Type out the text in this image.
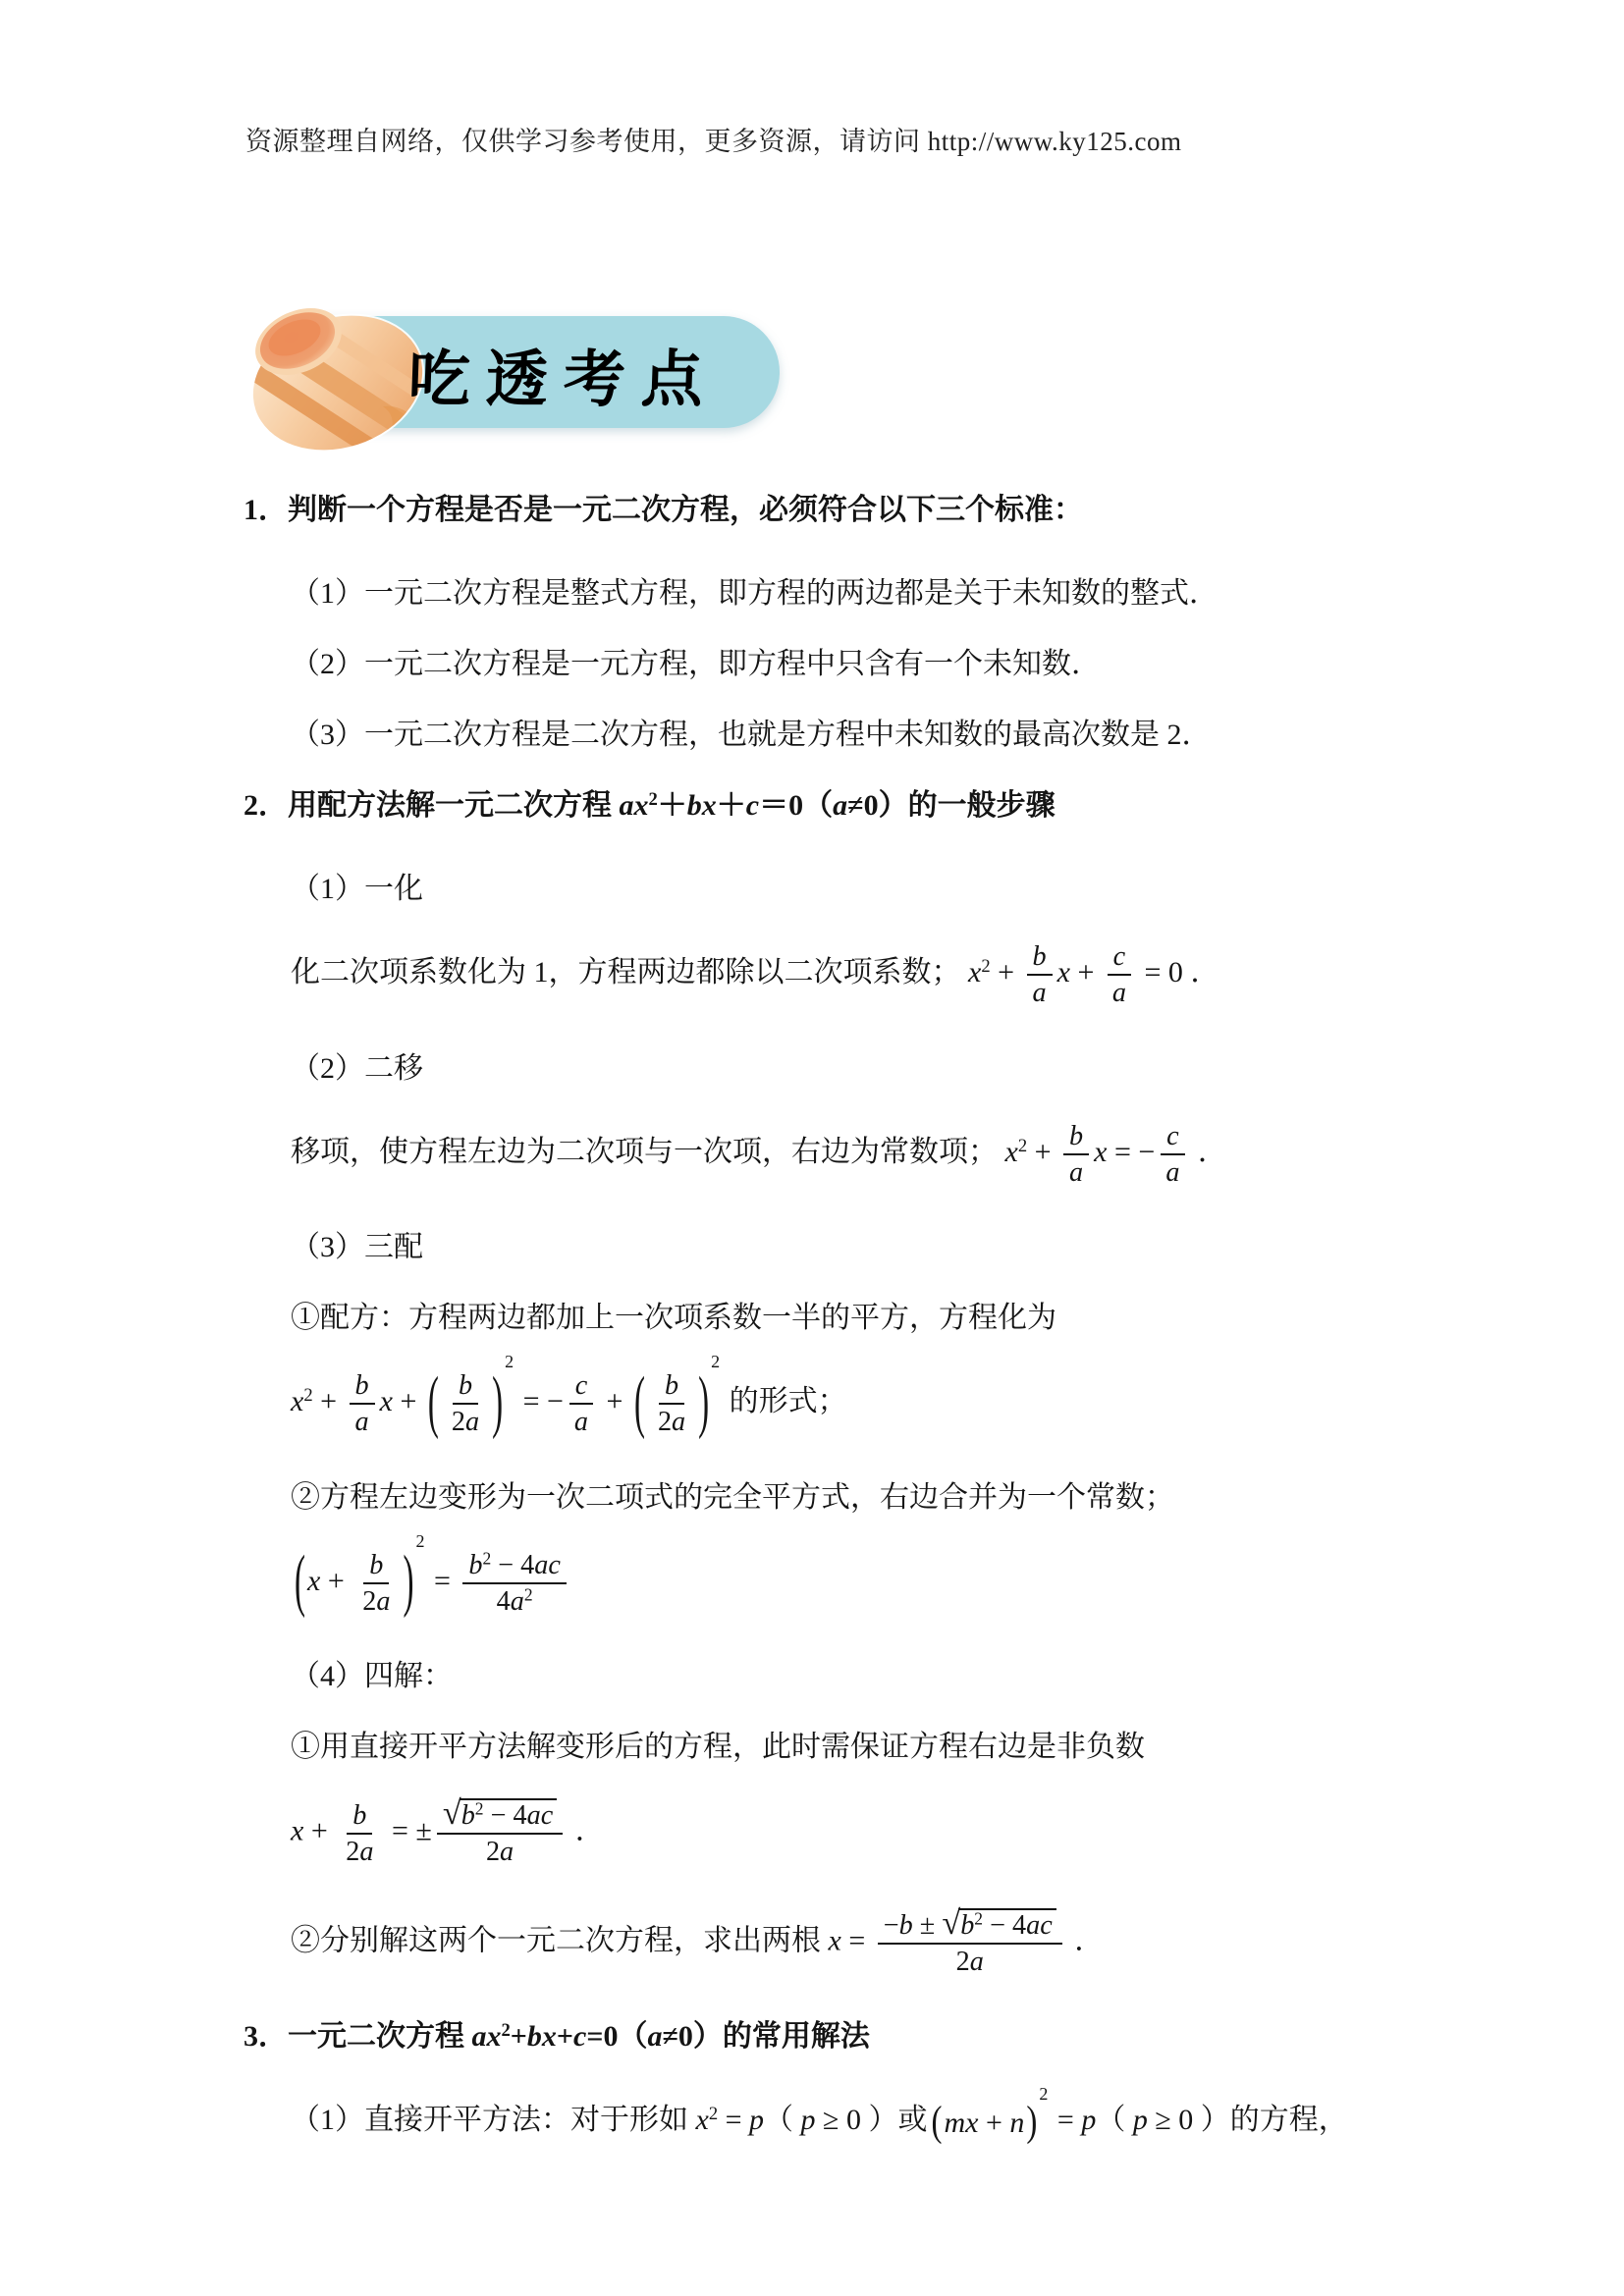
资源整理自网络，仅供学习参考使用，更多资源，请访问 http://www.ky125.com
吃透考点
1．判断一个方程是否是一元二次方程，必须符合以下三个标准：
（1）一元二次方程是整式方程，即方程的两边都是关于未知数的整式．
（2）一元二次方程是一元方程，即方程中只含有一个未知数．
（3）一元二次方程是二次方程，也就是方程中未知数的最高次数是 2．
2．用配方法解一元二次方程 $ax^2+bx+c=0(a\ne 0)$的一般步骤
（1）一化
化二次项系数化为 1，方程两边都除以二次项系数； $x^2 + \frac{b}{a}$ $x + \frac{c}{a} = 0$ ．
（2）二移
移项，使方程左边为二次项与一次项，右边为常数项； $x^2 + \frac{b}{a}$ x = − $\frac{c}{a}$ ．
（3）三配
①配方：方程两边都加上一次项系数一半的平方，方程化为
$x^2 + \frac{b}{a}$ x + ( $\frac{b}{2a}$ )
2
= − $\frac{c}{a}$ + ( $\frac{b}{2a}$ )
2
的形式；
②方程左边变形为一次二项式的完全平方式，右边合并为一个常数；
( $x + \frac{b}{2a}$ )
2
= $\frac{b^2 - 4ac}{4a^2}$
（4）四解：
①用直接开平方法解变形后的方程，此时需保证方程右边是非负数
$x + \frac{b}{2a}$ = ± $\frac{√ b^2 - 4ac}{2a}$ ．
②分别解这两个一元二次方程，求出两根 $x = \frac{-b \pm √ b^2 - 4ac}{2a}$ ．
3．一元二次方程 $ax^2+bx+c=0(a\ne 0)$的常用解法
（1）直接开平方法：对于形如 $x^2 = p$（ p ≥ 0 ）或 ( mx + n )
2
= p（ p ≥ 0 ）的方程，
